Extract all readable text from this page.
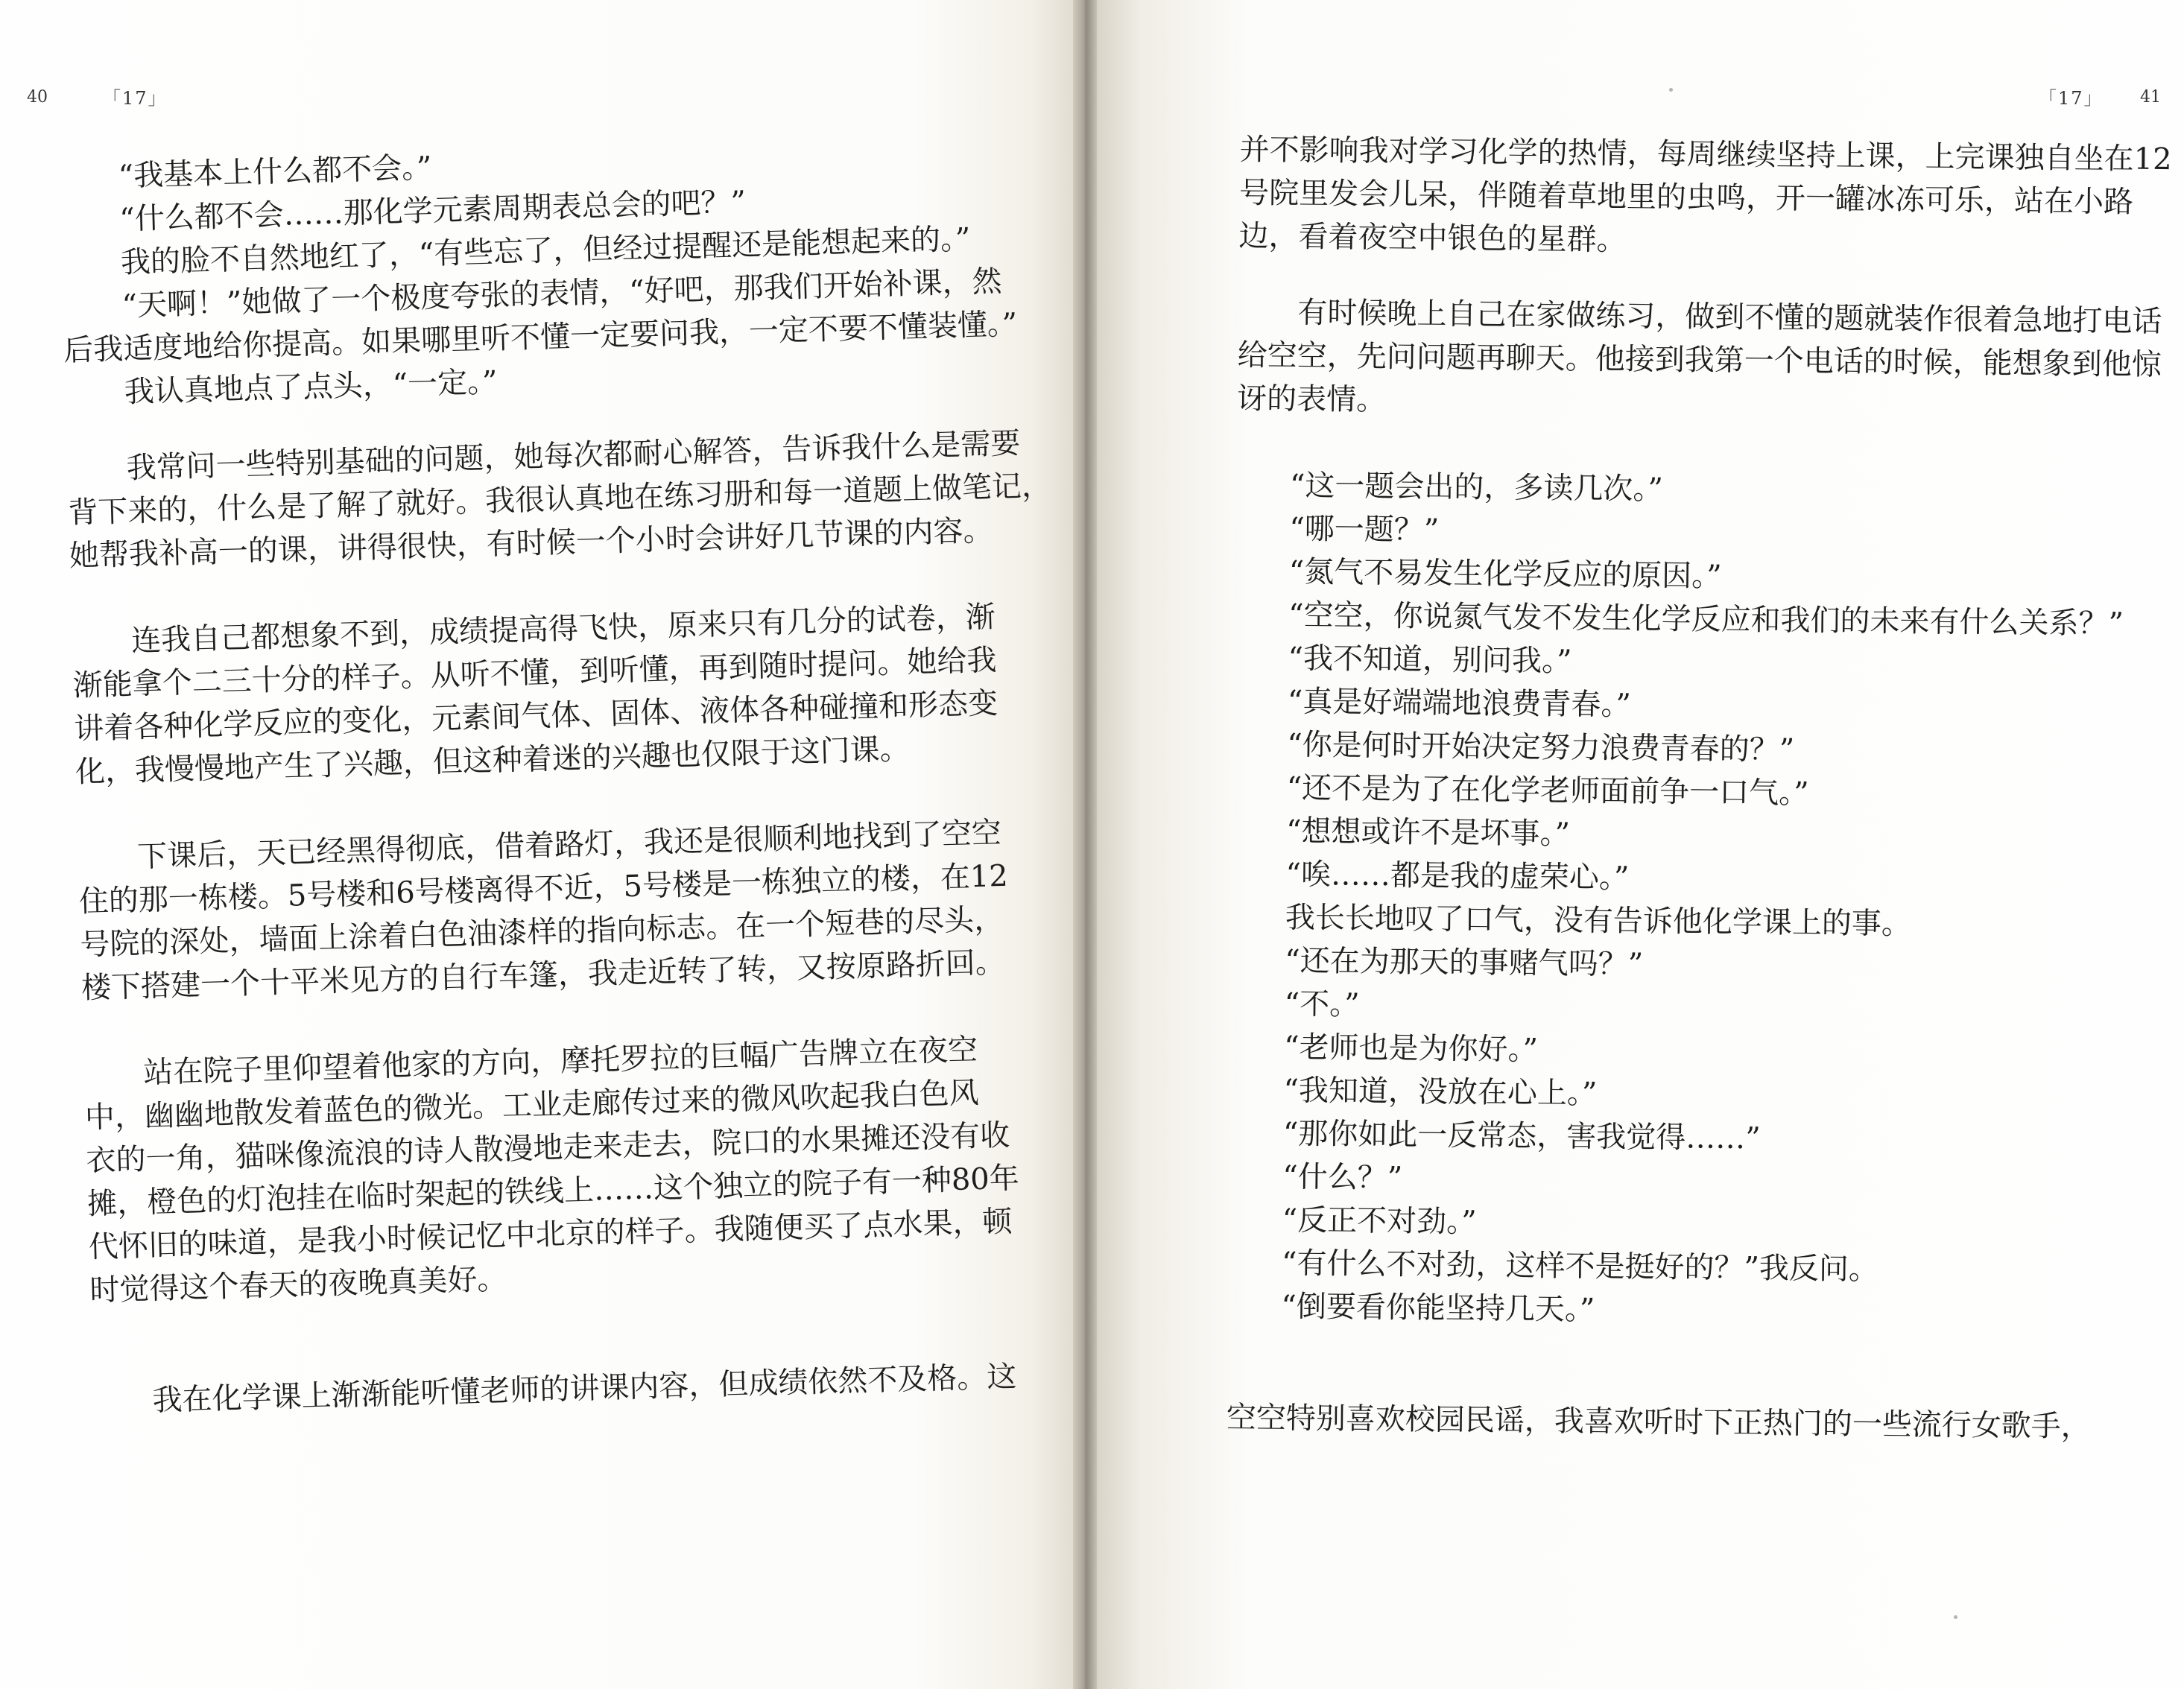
40	「17」

“我基本上什么都不会。”

“什么都不会……那化学元素周期表总会的吧？”

我的脸不自然地红了，“有些忘了，但经过提醒还是能想起来的。”

“天啊！”她做了一个极度夸张的表情，“好吧，那我们开始补课，然

后我适度地给你提高。如果哪里听不懂一定要问我，一定不要不懂装懂。”

我认真地点了点头，“一定。”

我常问一些特别基础的问题，她每次都耐心解答，告诉我什么是需要

背下来的，什么是了解了就好。我很认真地在练习册和每一道题上做笔记，

她帮我补高一的课，讲得很快，有时候一个小时会讲好几节课的内容。

连我自己都想象不到，成绩提高得飞快，原来只有几分的试卷，渐

渐能拿个二三十分的样子。从听不懂，到听懂，再到随时提问。她给我

讲着各种化学反应的变化，元素间气体、固体、液体各种碰撞和形态变

化，我慢慢地产生了兴趣，但这种着迷的兴趣也仅限于这门课。

下课后，天已经黑得彻底，借着路灯，我还是很顺利地找到了空空

住的那一栋楼。5号楼和6号楼离得不近，5号楼是一栋独立的楼，在12

号院的深处，墙面上涂着白色油漆样的指向标志。在一个短巷的尽头，

楼下搭建一个十平米见方的自行车篷，我走近转了转，又按原路折回。

站在院子里仰望着他家的方向，摩托罗拉的巨幅广告牌立在夜空

中，幽幽地散发着蓝色的微光。工业走廊传过来的微风吹起我白色风

衣的一角，猫咪像流浪的诗人散漫地走来走去，院口的水果摊还没有收

摊，橙色的灯泡挂在临时架起的铁线上……这个独立的院子有一种80年

代怀旧的味道，是我小时候记忆中北京的样子。我随便买了点水果，顿

时觉得这个春天的夜晚真美好。

我在化学课上渐渐能听懂老师的讲课内容，但成绩依然不及格。这

「17」 41

并不影响我对学习化学的热情，每周继续坚持上课，上完课独自坐在12

号院里发会儿呆，伴随着草地里的虫鸣，开一罐冰冻可乐，站在小路

边，看着夜空中银色的星群。

有时候晚上自己在家做练习，做到不懂的题就装作很着急地打电话

给空空，先问问题再聊天。他接到我第一个电话的时候，能想象到他惊

讶的表情。

“这一题会出的，多读几次。”

“哪一题？”

“氮气不易发生化学反应的原因。”

“空空，你说氮气发不发生化学反应和我们的未来有什么关系？”

“我不知道，别问我。”

“真是好端端地浪费青春。”

“你是何时开始决定努力浪费青春的？”

“还不是为了在化学老师面前争一口气。”

“想想或许不是坏事。”

“唉……都是我的虚荣心。”

我长长地叹了口气，没有告诉他化学课上的事。

“还在为那天的事赌气吗？”

“不。”

“老师也是为你好。”

“我知道，没放在心上。”

“那你如此一反常态，害我觉得……”

“什么？”

“反正不对劲。”

“有什么不对劲，这样不是挺好的？”我反问。

“倒要看你能坚持几天。”

空空特别喜欢校园民谣，我喜欢听时下正热门的一些流行女歌手，
